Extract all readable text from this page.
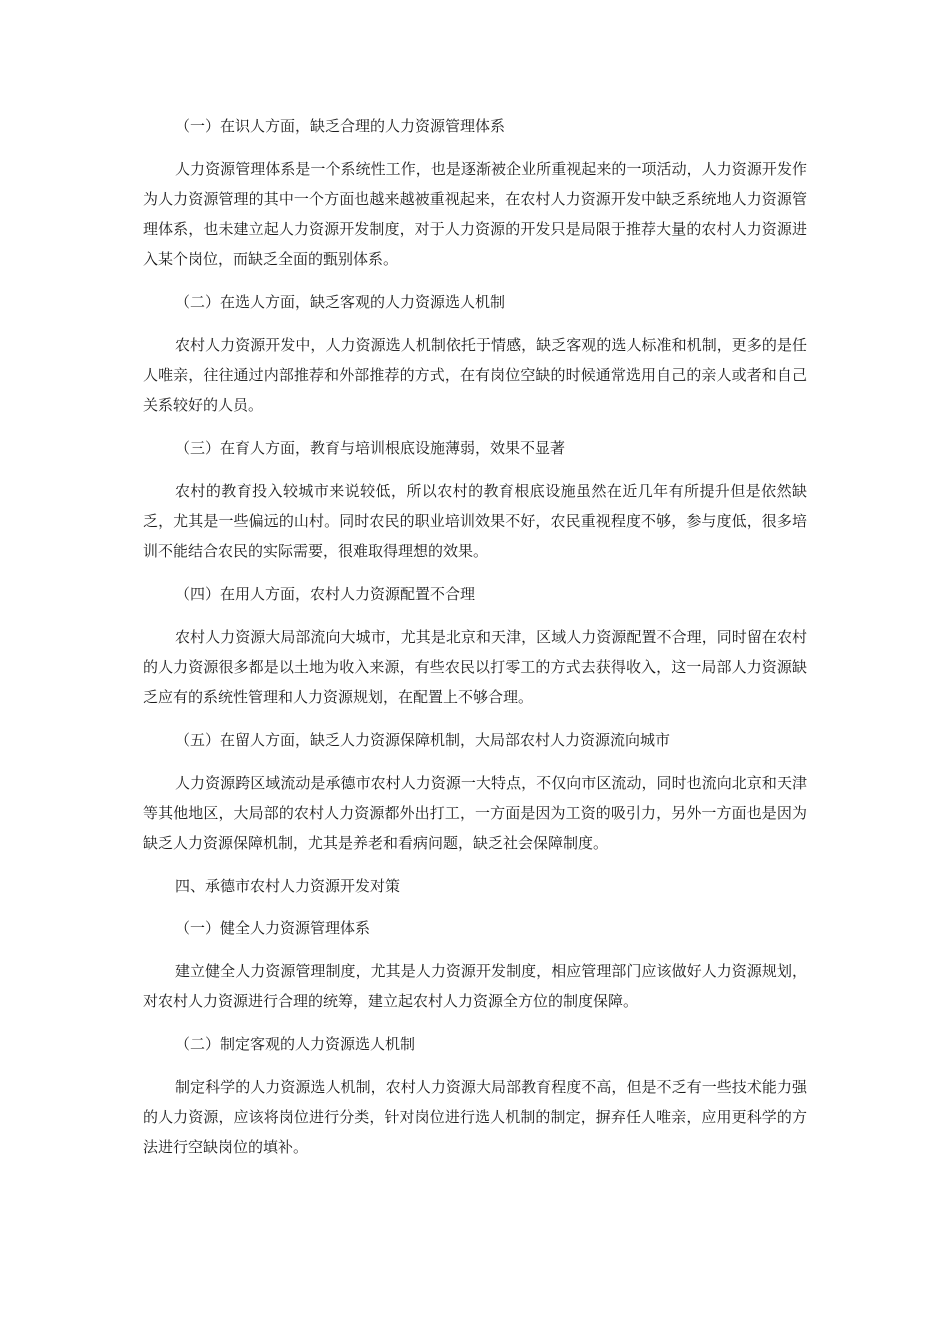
（一）在识人方面，缺乏合理的人力资源管理体系

人力资源管理体系是一个系统性工作，也是逐渐被企业所重视起来的一项活动，人力资源开发作为人力资源管理的其中一个方面也越来越被重视起来，在农村人力资源开发中缺乏系统地人力资源管理体系，也未建立起人力资源开发制度，对于人力资源的开发只是局限于推荐大量的农村人力资源进入某个岗位，而缺乏全面的甄别体系。

（二）在选人方面，缺乏客观的人力资源选人机制

农村人力资源开发中，人力资源选人机制依托于情感，缺乏客观的选人标准和机制，更多的是任人唯亲，往往通过内部推荐和外部推荐的方式，在有岗位空缺的时候通常选用自己的亲人或者和自己关系较好的人员。

（三）在育人方面，教育与培训根底设施薄弱，效果不显著

农村的教育投入较城市来说较低，所以农村的教育根底设施虽然在近几年有所提升但是依然缺乏，尤其是一些偏远的山村。同时农民的职业培训效果不好，农民重视程度不够，参与度低，很多培训不能结合农民的实际需要，很难取得理想的效果。

（四）在用人方面，农村人力资源配置不合理

农村人力资源大局部流向大城市，尤其是北京和天津，区域人力资源配置不合理，同时留在农村的人力资源很多都是以土地为收入来源，有些农民以打零工的方式去获得收入，这一局部人力资源缺乏应有的系统性管理和人力资源规划，在配置上不够合理。

（五）在留人方面，缺乏人力资源保障机制，大局部农村人力资源流向城市

人力资源跨区域流动是承德市农村人力资源一大特点，不仅向市区流动，同时也流向北京和天津等其他地区，大局部的农村人力资源都外出打工，一方面是因为工资的吸引力，另外一方面也是因为缺乏人力资源保障机制，尤其是养老和看病问题，缺乏社会保障制度。

四、承德市农村人力资源开发对策

（一）健全人力资源管理体系

建立健全人力资源管理制度，尤其是人力资源开发制度，相应管理部门应该做好人力资源规划，对农村人力资源进行合理的统筹，建立起农村人力资源全方位的制度保障。

（二）制定客观的人力资源选人机制

制定科学的人力资源选人机制，农村人力资源大局部教育程度不高，但是不乏有一些技术能力强的人力资源，应该将岗位进行分类，针对岗位进行选人机制的制定，摒弃任人唯亲，应用更科学的方法进行空缺岗位的填补。
